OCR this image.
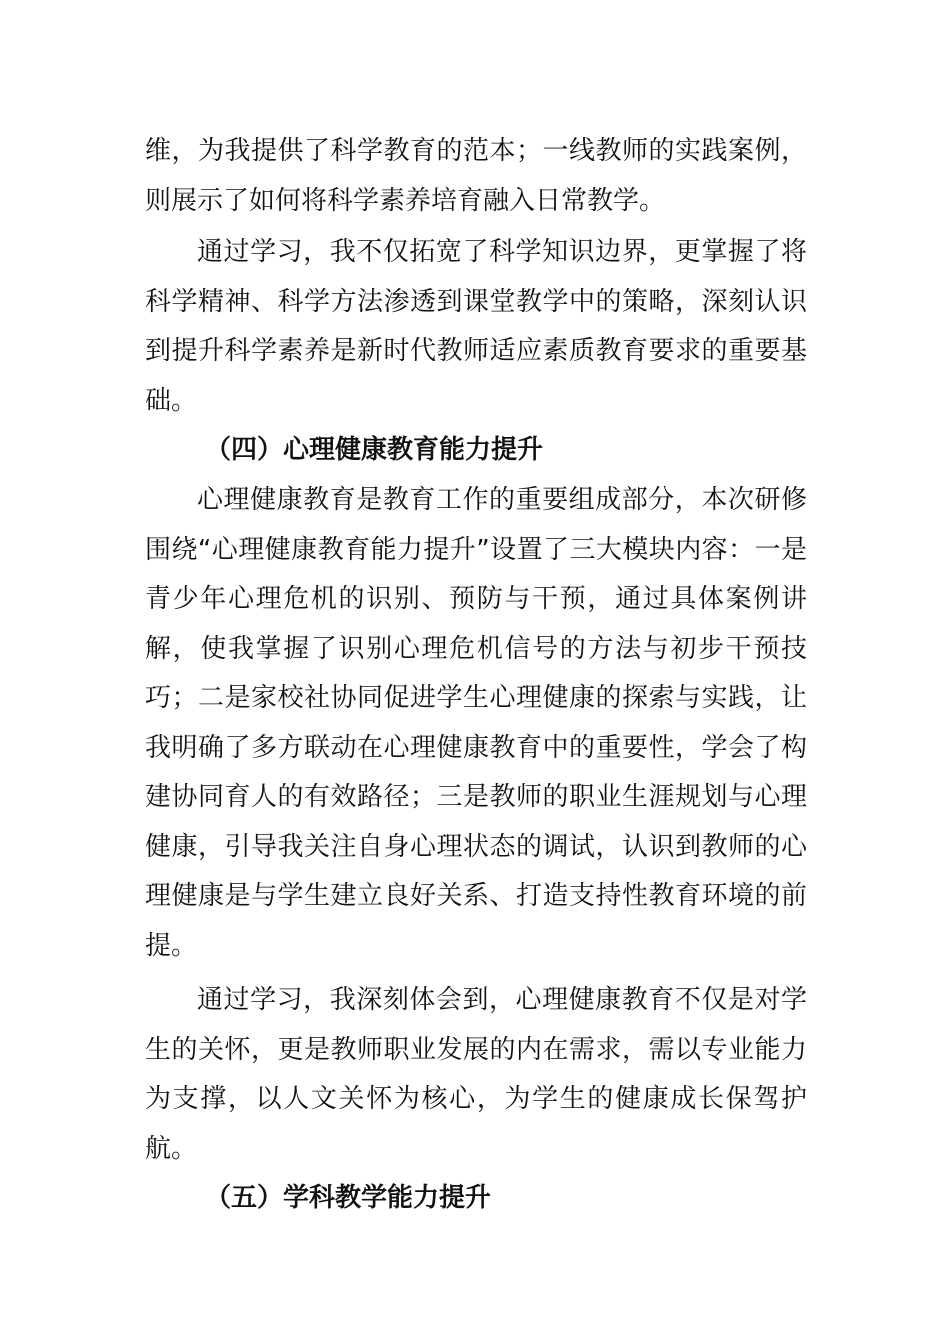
维，为我提供了科学教育的范本；一线教师的实践案例，则展示了如何将科学素养培育融入日常教学。

通过学习，我不仅拓宽了科学知识边界，更掌握了将科学精神、科学方法渗透到课堂教学中的策略，深刻认识到提升科学素养是新时代教师适应素质教育要求的重要基础。

（四）心理健康教育能力提升

心理健康教育是教育工作的重要组成部分，本次研修围绕“心理健康教育能力提升”设置了三大模块内容：一是青少年心理危机的识别、预防与干预，通过具体案例讲解，使我掌握了识别心理危机信号的方法与初步干预技巧；二是家校社协同促进学生心理健康的探索与实践，让我明确了多方联动在心理健康教育中的重要性，学会了构建协同育人的有效路径；三是教师的职业生涯规划与心理健康，引导我关注自身心理状态的调试，认识到教师的心理健康是与学生建立良好关系、打造支持性教育环境的前提。

通过学习，我深刻体会到，心理健康教育不仅是对学生的关怀，更是教师职业发展的内在需求，需以专业能力为支撑，以人文关怀为核心，为学生的健康成长保驾护航。

（五）学科教学能力提升
